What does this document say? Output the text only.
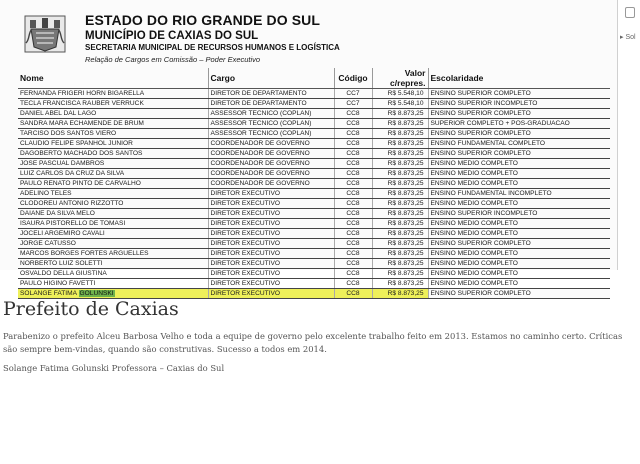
ESTADO DO RIO GRANDE DO SUL
MUNICÍPIO DE CAXIAS DO SUL
SECRETARIA MUNICIPAL DE RECURSOS HUMANOS E LOGÍSTICA
Relação de Cargos em Comissão – Poder Executivo
Nome	Cargo	Código	Valor c/repres.	Escolaridade
FERNANDA FRIGERI HORN BIGARELLA	DIRETOR DE DEPARTAMENTO	CC7	R$ 5.548,10	ENSINO SUPERIOR COMPLETO
TECLA FRANCISCA RAUBER VERRUCK	DIRETOR DE DEPARTAMENTO	CC7	R$ 5.548,10	ENSINO SUPERIOR INCOMPLETO
DANIEL ABEL DAL LAGO	ASSESSOR TECNICO (COPLAN)	CC8	R$ 8.873,25	ENSINO SUPERIOR COMPLETO
SANDRA MARA ECHAMENDE DE BRUM	ASSESSOR TECNICO (COPLAN)	CC8	R$ 8.873,25	SUPERIOR COMPLETO + POS-GRADUACAO
TARCISO DOS SANTOS VIERO	ASSESSOR TECNICO (COPLAN)	CC8	R$ 8.873,25	ENSINO SUPERIOR COMPLETO
CLAUDIO FELIPE SPANHOL JUNIOR	COORDENADOR DE GOVERNO	CC8	R$ 8.873,25	ENSINO FUNDAMENTAL COMPLETO
DAGOBERTO MACHADO DOS SANTOS	COORDENADOR DE GOVERNO	CC8	R$ 8.873,25	ENSINO SUPERIOR COMPLETO
JOSE PASCUAL DAMBROS	COORDENADOR DE GOVERNO	CC8	R$ 8.873,25	ENSINO MEDIO COMPLETO
LUIZ CARLOS DA CRUZ DA SILVA	COORDENADOR DE GOVERNO	CC8	R$ 8.873,25	ENSINO MEDIO COMPLETO
PAULO RENATO PINTO DE CARVALHO	COORDENADOR DE GOVERNO	CC8	R$ 8.873,25	ENSINO MEDIO COMPLETO
ADELINO TELES	DIRETOR EXECUTIVO	CC8	R$ 8.873,25	ENSINO FUNDAMENTAL INCOMPLETO
CLODOREU ANTONIO RIZZOTTO	DIRETOR EXECUTIVO	CC8	R$ 8.873,25	ENSINO MEDIO COMPLETO
DAIANE DA SILVA MELO	DIRETOR EXECUTIVO	CC8	R$ 8.873,25	ENSINO SUPERIOR INCOMPLETO
ISAURA PISTORELLO DE TOMASI	DIRETOR EXECUTIVO	CC8	R$ 8.873,25	ENSINO MEDIO COMPLETO
JOCELI ARGEMIRO CAVALI	DIRETOR EXECUTIVO	CC8	R$ 8.873,25	ENSINO MEDIO COMPLETO
JORGE CATUSSO	DIRETOR EXECUTIVO	CC8	R$ 8.873,25	ENSINO SUPERIOR COMPLETO
MARCOS BORGES FORTES ARGUELLES	DIRETOR EXECUTIVO	CC8	R$ 8.873,25	ENSINO MEDIO COMPLETO
NORBERTO LUIZ SOLETTI	DIRETOR EXECUTIVO	CC8	R$ 8.873,25	ENSINO MEDIO COMPLETO
OSVALDO DELLA GIUSTINA	DIRETOR EXECUTIVO	CC8	R$ 8.873,25	ENSINO MEDIO COMPLETO
PAULO HIGINO FAVETTI	DIRETOR EXECUTIVO	CC8	R$ 8.873,25	ENSINO MEDIO COMPLETO
SOLANGE FATIMA GOLUNSKI	DIRETOR EXECUTIVO	CC8	R$ 8.873,25	ENSINO SUPERIOR COMPLETO
▸ Sol
Prefeito de Caxias

Parabenizo o prefeito Alceu Barbosa Velho e toda a equipe de governo pelo excelente trabalho feito em 2013. Estamos no caminho certo. Críticas são sempre bem-vindas, quando são construtivas. Sucesso a todos em 2014.

Solange Fatima Golunski Professora – Caxias do Sul
